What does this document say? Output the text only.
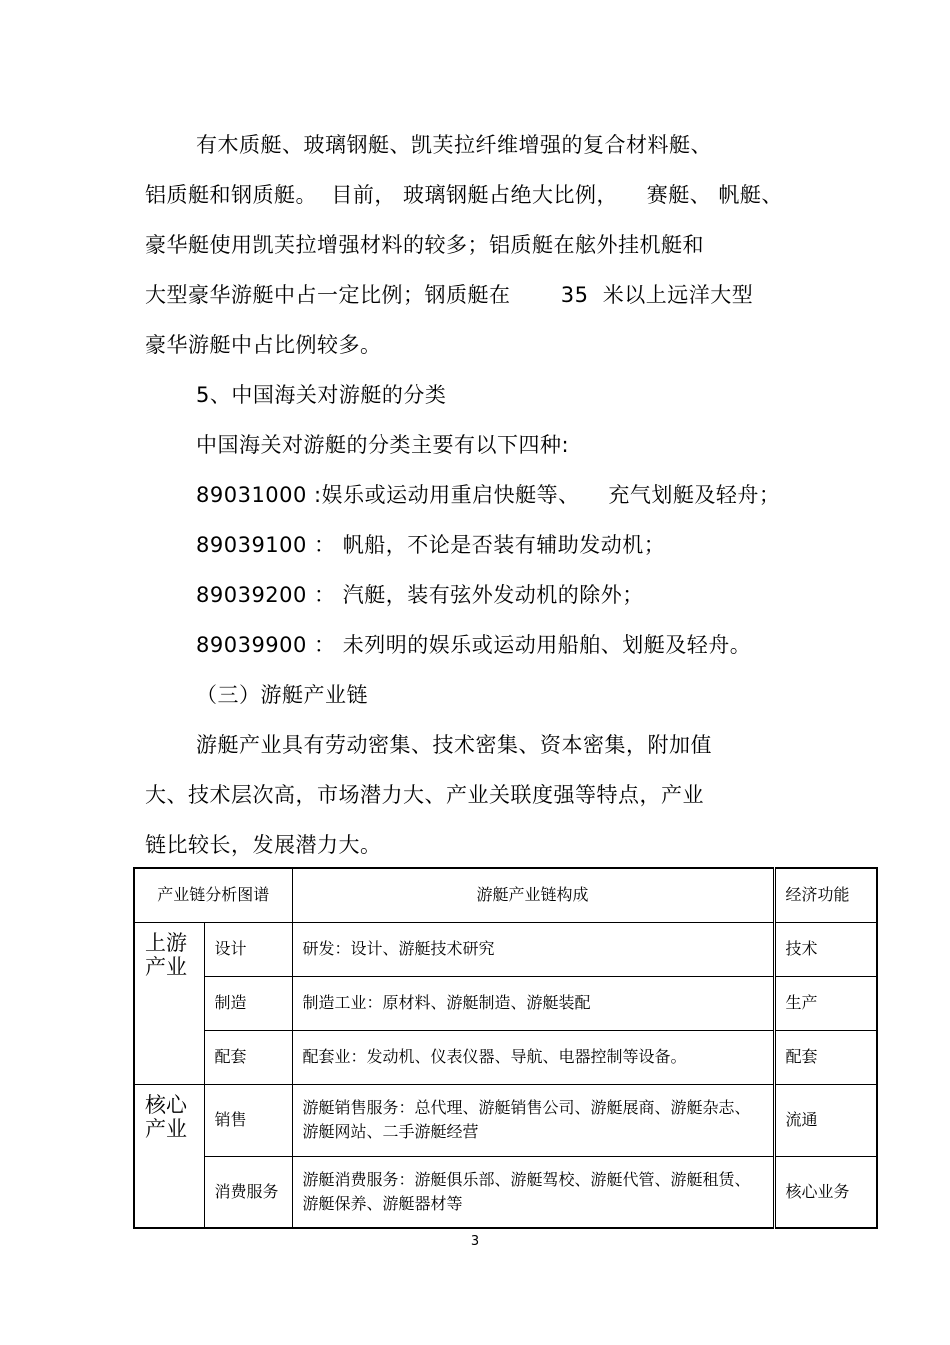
有木质艇、玻璃钢艇、凯芙拉纤维增强的复合材料艇、
铝质艇和钢质艇。  目前， 玻璃钢艇占绝大比例，    赛艇、 帆艇、
豪华艇使用凯芙拉增强材料的较多；铝质艇在舷外挂机艇和
大型豪华游艇中占一定比例；钢质艇在       35  米以上远洋大型
豪华游艇中占比例较多。
5、中国海关对游艇的分类
中国海关对游艇的分类主要有以下四种:
89031000 :娱乐或运动用重启快艇等、    充气划艇及轻舟；
89039100 ： 帆船，不论是否装有辅助发动机；
89039200 ： 汽艇，装有弦外发动机的除外；
89039900 ： 未列明的娱乐或运动用船舶、划艇及轻舟。
（三）游艇产业链
游艇产业具有劳动密集、技术密集、资本密集，附加值
大、技术层次高，市场潜力大、产业关联度强等特点，产业
链比较长，发展潜力大。
产业链分析图谱		游艇产业链构成	经济功能
上游
产业	设计	研发：设计、游艇技术研究	技术
	制造	制造工业：原材料、游艇制造、游艇装配	生产
	配套	配套业：发动机、仪表仪器、导航、电器控制等设备。	配套
核心
产业	销售	游艇销售服务：总代理、游艇销售公司、游艇展商、游艇杂志、游艇网站、二手游艇经营	流通
	消费服务	游艇消费服务：游艇俱乐部、游艇驾校、游艇代管、游艇租赁、游艇保养、游艇器材等	核心业务
3
